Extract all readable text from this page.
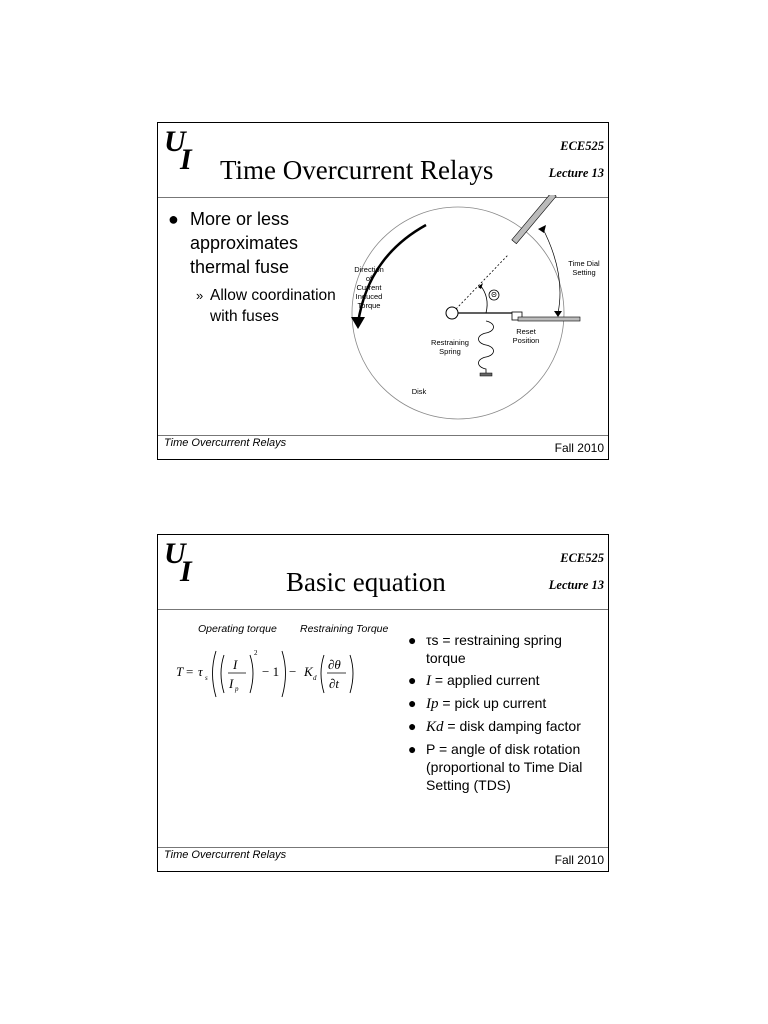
U
I Time Overcurrent Relays
ECE525
Lecture 13
● More or less approximates thermal fuse
» Allow coordination with fuses
Direction
of
Current
Induced
Torque
Time Dial
Setting
Reset
Position
Restraining
Spring
Disk
Θ
Time Overcurrent Relays	Fall 2010
U
I	Basic equation
ECE525
Lecture 13
Operating torque Restraining Torque
T = τ s
I
I p
2
− 1 − K d
∂θ
∂t
● τs = restraining spring torque
● I = applied current
● Ip = pick up current
● Kd = disk damping factor
● P = angle of disk rotation (proportional to Time Dial Setting (TDS)
Time Overcurrent Relays	Fall 2010
